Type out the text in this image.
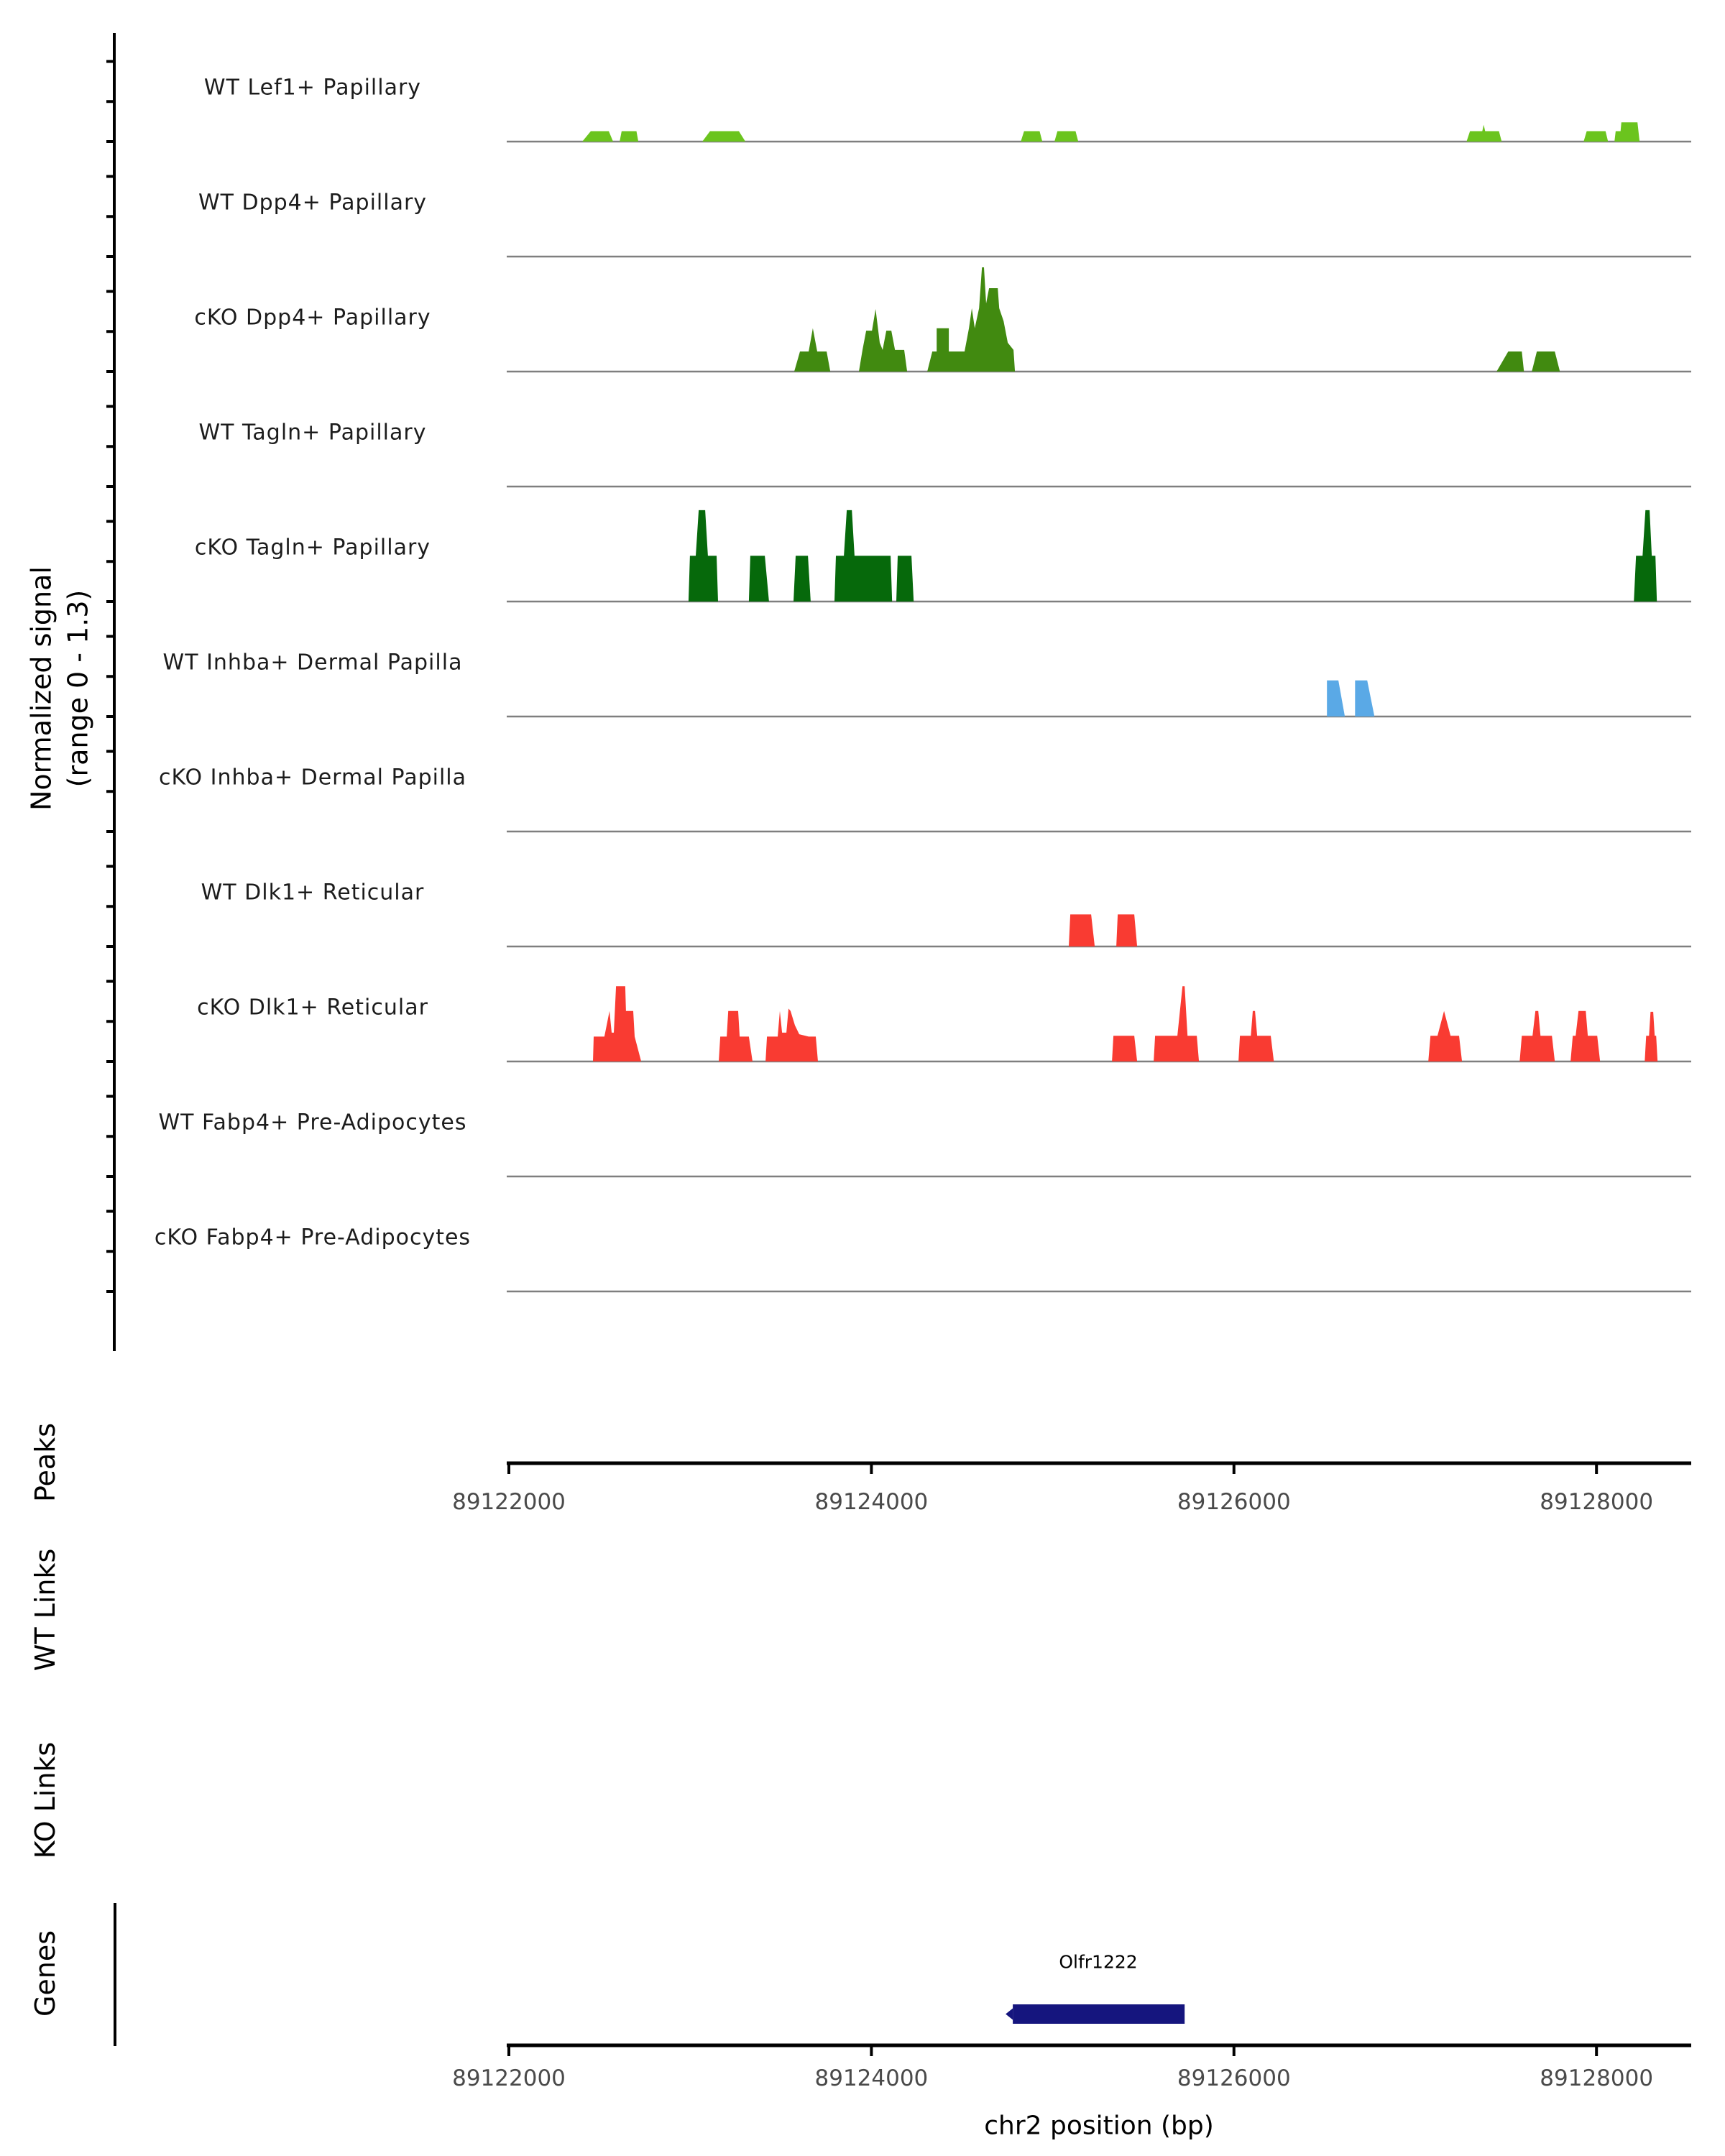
Normalized signal (range 0 - 1.3)
WT Lef1+ Papillary
WT Dpp4+ Papillary
cKO Dpp4+ Papillary
WT Tagln+ Papillary
cKO Tagln+ Papillary
WT Inhba+ Dermal Papilla
cKO Inhba+ Dermal Papilla
WT Dlk1+ Reticular
cKO Dlk1+ Reticular
WT Fabp4+ Pre-Adipocytes
cKO Fabp4+ Pre-Adipocytes
Peaks
WT Links
KO Links
Genes
89122000	89124000	89126000	89128000
89122000	89124000	89126000	89128000
Olfr1222
chr2 position (bp)
